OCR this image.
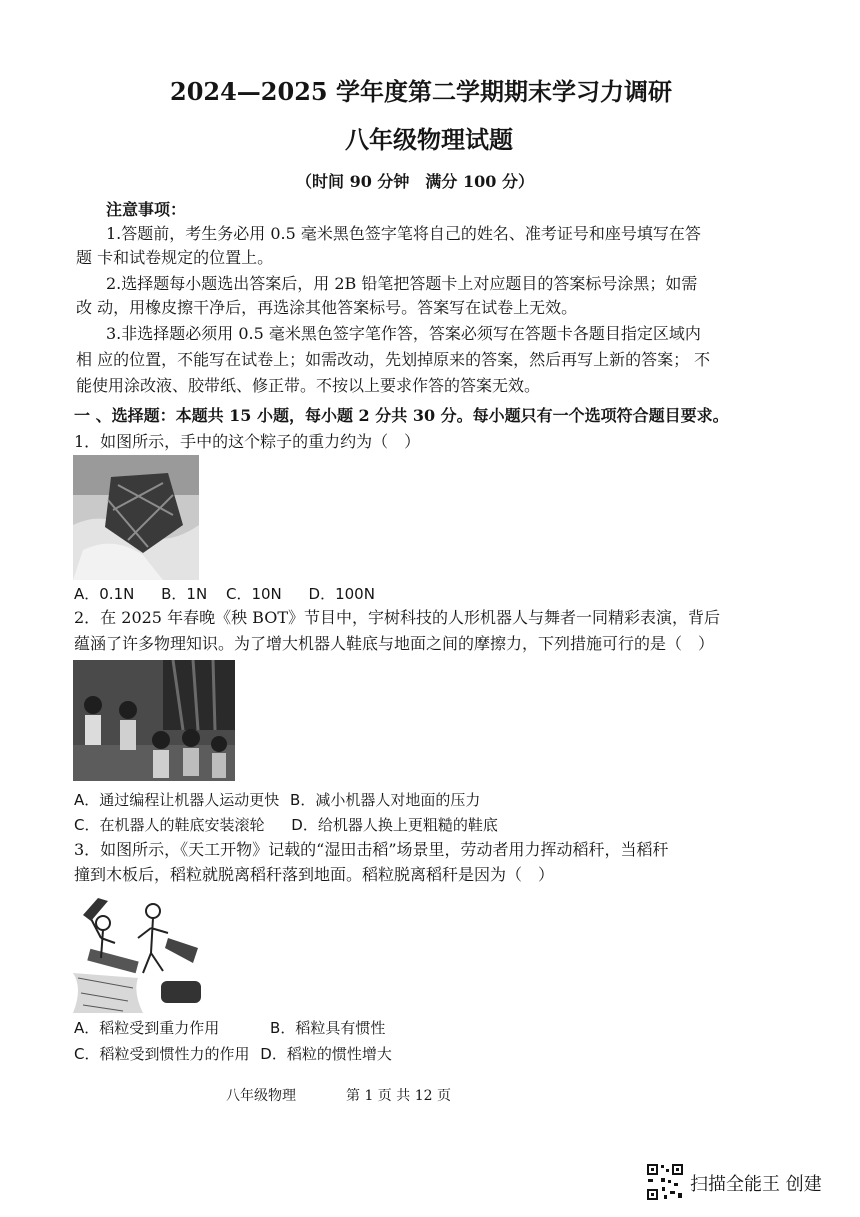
2024—2025 学年度第二学期期末学习力调研
八年级物理试题
（时间 90 分钟　满分 100 分）
注意事项：
1.答题前，考生务必用 0.5 毫米黑色签字笔将自己的姓名、准考证号和座号填写在答
题 卡和试卷规定的位置上。
2.选择题每小题选出答案后，用 2B 铅笔把答题卡上对应题目的答案标号涂黑；如需
改 动，用橡皮擦干净后，再选涂其他答案标号。答案写在试卷上无效。
3.非选择题必须用 0.5 毫米黑色签字笔作答，答案必须写在答题卡各题目指定区域内
相 应的位置，不能写在试卷上；如需改动，先划掉原来的答案，然后再写上新的答案； 不
能使用涂改液、胶带纸、修正带。不按以上要求作答的答案无效。
一 、选择题：本题共 15 小题，每小题 2 分共 30 分。每小题只有一个选项符合题目要求。
1．如图所示，手中的这个粽子的重力约为（　）
A．0.1N B．1N C．10N D．100N
2．在 2025 年春晚《秧 BOT》节目中，宇树科技的人形机器人与舞者一同精彩表演，背后
蕴涵了许多物理知识。为了增大机器人鞋底与地面之间的摩擦力，下列措施可行的是（　）
A．通过编程让机器人运动更快 B．减小机器人对地面的压力
C．在机器人的鞋底安装滚轮 D．给机器人换上更粗糙的鞋底
3．如图所示，《天工开物》记载的“湿田击稻”场景里，劳动者用力挥动稻秆，当稻秆
撞到木板后，稻粒就脱离稻秆落到地面。稻粒脱离稻秆是因为（　）
A．稻粒受到重力作用	B．稻粒具有惯性
C．稻粒受到惯性力的作用 D．稻粒的惯性增大
八年级物理	第 1 页 共 12 页
扫描全能王 创建
